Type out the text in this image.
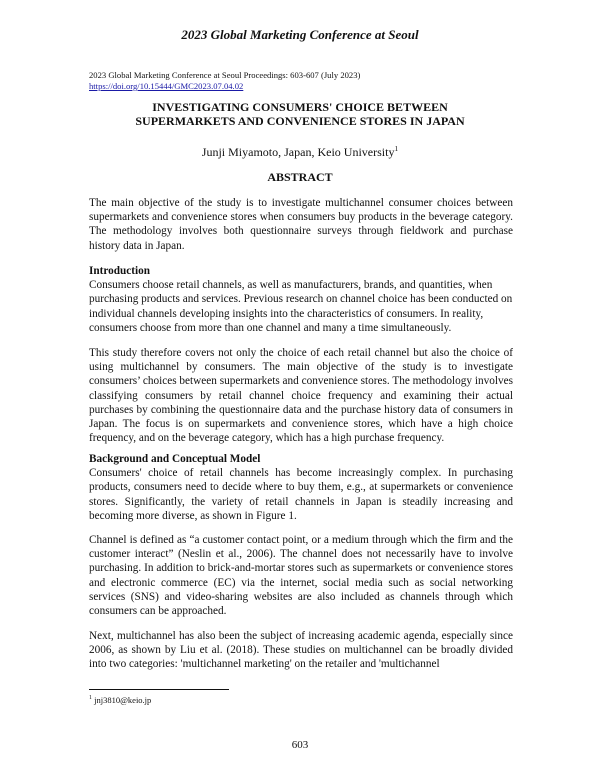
2023 Global Marketing Conference at Seoul
2023 Global Marketing Conference at Seoul Proceedings: 603-607 (July 2023)
https://doi.org/10.15444/GMC2023.07.04.02
INVESTIGATING CONSUMERS' CHOICE BETWEEN
SUPERMARKETS AND CONVENIENCE STORES IN JAPAN
Junji Miyamoto, Japan, Keio University$^1$
ABSTRACT

The main objective of the study is to investigate multichannel consumer choices between supermarkets and convenience stores when consumers buy products in the beverage category. The methodology involves both questionnaire surveys through fieldwork and purchase history data in Japan.

Introduction

Consumers choose retail channels, as well as manufacturers, brands, and quantities, when purchasing products and services. Previous research on channel choice has been conducted on individual channels developing insights into the characteristics of consumers. In reality, consumers choose from more than one channel and many a time simultaneously.

This study therefore covers not only the choice of each retail channel but also the choice of using multichannel by consumers. The main objective of the study is to investigate consumers’ choices between supermarkets and convenience stores. The methodology involves classifying consumers by retail channel choice frequency and examining their actual purchases by combining the questionnaire data and the purchase history data of consumers in Japan. The focus is on supermarkets and convenience stores, which have a high choice frequency, and on the beverage category, which has a high purchase frequency.

Background and Conceptual Model

Consumers' choice of retail channels has become increasingly complex. In purchasing products, consumers need to decide where to buy them, e.g., at supermarkets or convenience stores. Significantly, the variety of retail channels in Japan is steadily increasing and becoming more diverse, as shown in Figure 1.

Channel is defined as “a customer contact point, or a medium through which the firm and the customer interact” (Neslin et al., 2006). The channel does not necessarily have to involve purchasing. In addition to brick-and-mortar stores such as supermarkets or convenience stores and electronic commerce (EC) via the internet, social media such as social networking services (SNS) and video-sharing websites are also included as channels through which consumers can be approached.

Next, multichannel has also been the subject of increasing academic agenda, especially since 2006, as shown by Liu et al. (2018). These studies on multichannel can be broadly divided into two categories: 'multichannel marketing' on the retailer and 'multichannel

$^1$ jnj3810@keio.jp
603
